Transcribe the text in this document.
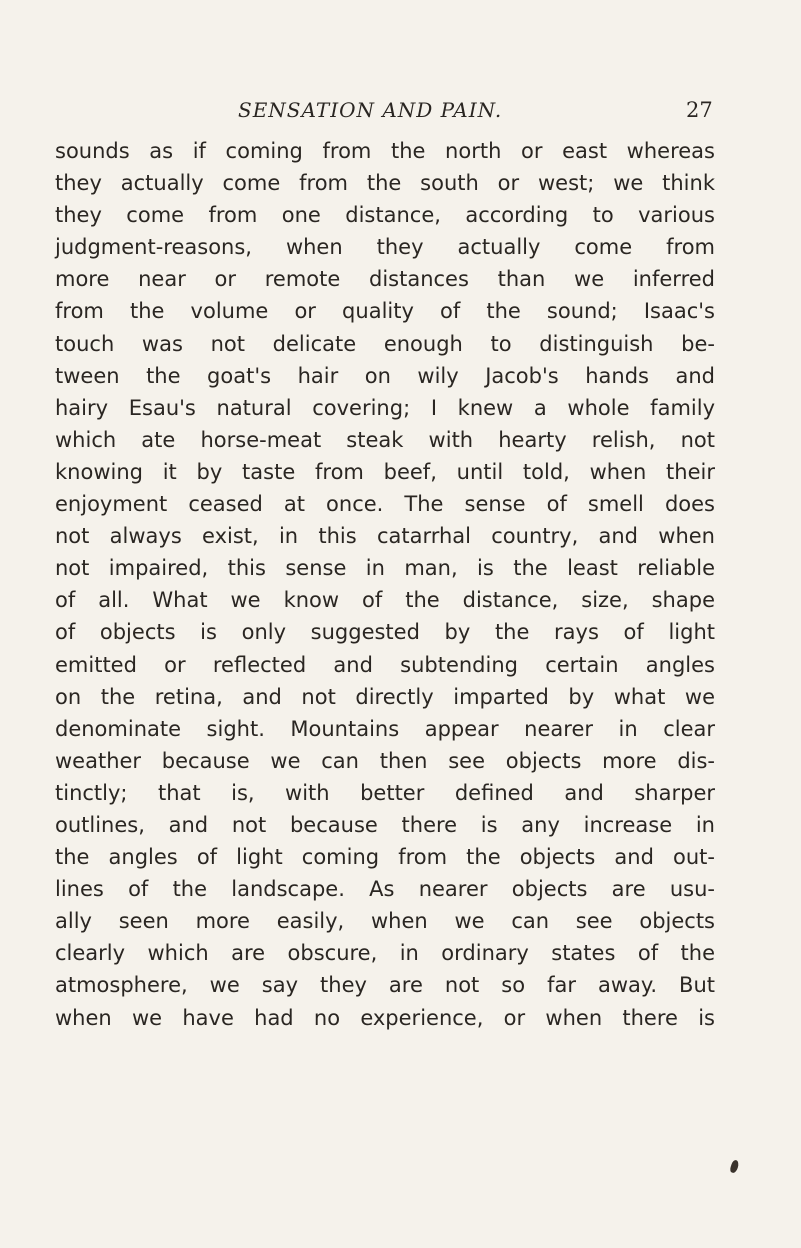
SENSATION AND PAIN.	27
sounds as if coming from the north or east whereas
they actually come from the south or west; we think
they come from one distance, according to various
judgment-reasons, when they actually come from
more near or remote distances than we inferred
from the volume or quality of the sound; Isaac's
touch was not delicate enough to distinguish be-
tween the goat's hair on wily Jacob's hands and
hairy Esau's natural covering; I knew a whole family
which ate horse-meat steak with hearty relish, not
knowing it by taste from beef, until told, when their
enjoyment ceased at once. The sense of smell does
not always exist, in this catarrhal country, and when
not impaired, this sense in man, is the least reliable
of all. What we know of the distance, size, shape
of objects is only suggested by the rays of light
emitted or reflected and subtending certain angles
on the retina, and not directly imparted by what we
denominate sight. Mountains appear nearer in clear
weather because we can then see objects more dis-
tinctly; that is, with better defined and sharper
outlines, and not because there is any increase in
the angles of light coming from the objects and out-
lines of the landscape. As nearer objects are usu-
ally seen more easily, when we can see objects
clearly which are obscure, in ordinary states of the
atmosphere, we say they are not so far away. But
when we have had no experience, or when there is
